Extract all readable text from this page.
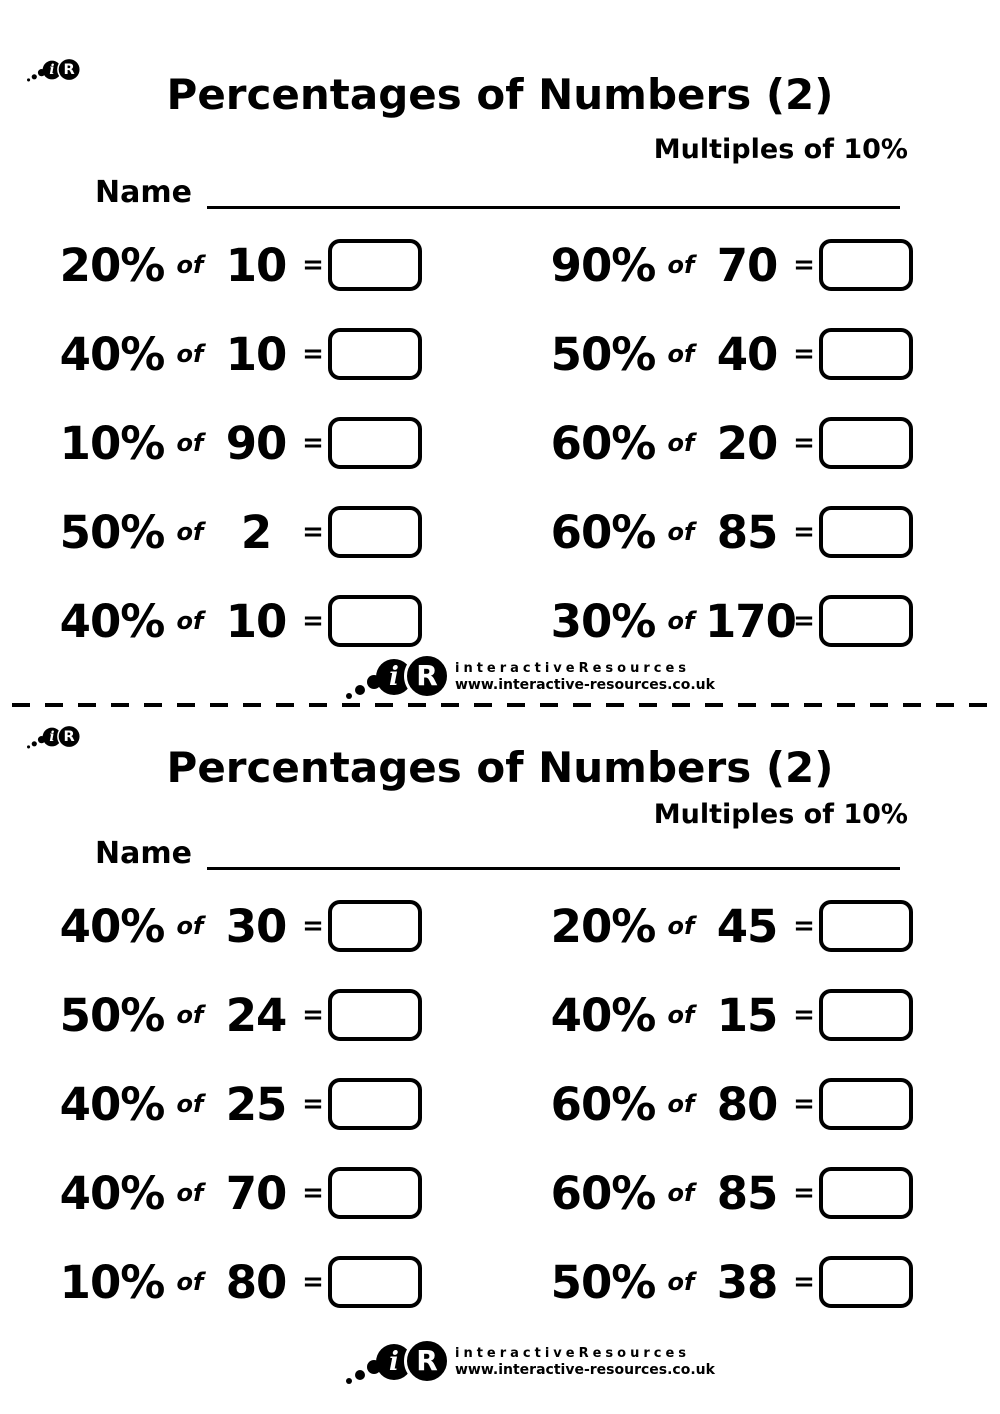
i R
Percentages of Numbers (2)
Multiples of 10%
Name
20% of 10 =
40% of 10 =
10% of 90 =
50% of 2	=
40% of 10 =
90% of 70 =
50% of 40 =
60% of 20 =
60% of 85 =
30% of 170
=
i R	interactiveResources
www.interactive-resources.co.uk
i R
Percentages of Numbers (2)
Multiples of 10%
Name
40% of 30 =
50% of 24 =
40% of 25 =
40% of 70 =
10% of 80 =
20% of 45 =
40% of 15 =
60% of 80 =
60% of 85 =
50% of 38 =
i R	interactiveResources
www.interactive-resources.co.uk
